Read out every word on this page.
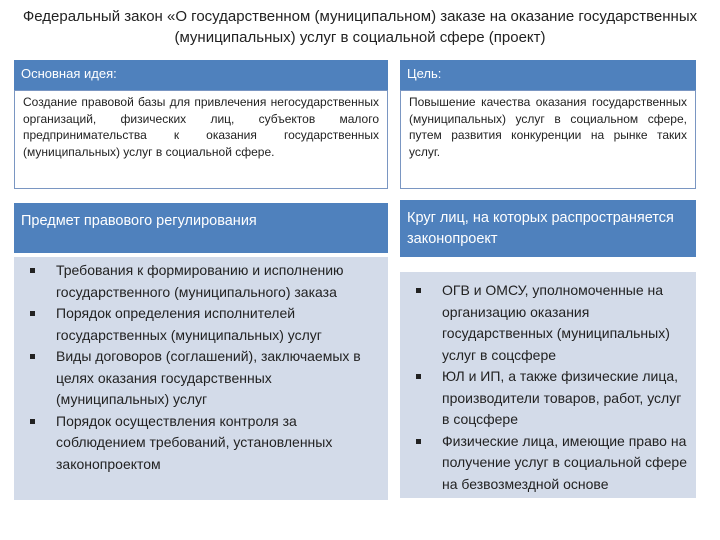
Федеральный закон «О государственном (муниципальном) заказе на оказание государственных (муниципальных) услуг в социальной сфере (проект)
Основная идея:
Создание правовой базы для привлечения негосударственных организаций, физических лиц, субъектов малого предпринимательства к оказания государственных (муниципальных) услуг в социальной сфере.
Цель:
Повышение качества оказания государственных (муниципальных) услуг в социальном сфере, путем развития конкуренции на рынке таких услуг.
Предмет правового регулирования
Требования к формированию и исполнению государственного (муниципального) заказа
Порядок определения исполнителей государственных (муниципальных) услуг
Виды договоров (соглашений), заключаемых в целях оказания государственных (муниципальных) услуг
Порядок осуществления контроля за соблюдением требований, установленных законопроектом
Круг лиц, на которых распространяется законопроект
ОГВ и ОМСУ, уполномоченные на организацию оказания государственных (муниципальных) услуг в соцсфере
ЮЛ и ИП, а также физические лица, производители товаров, работ, услуг в соцсфере
Физические лица, имеющие право на получение услуг в социальной сфере на безвозмездной основе
